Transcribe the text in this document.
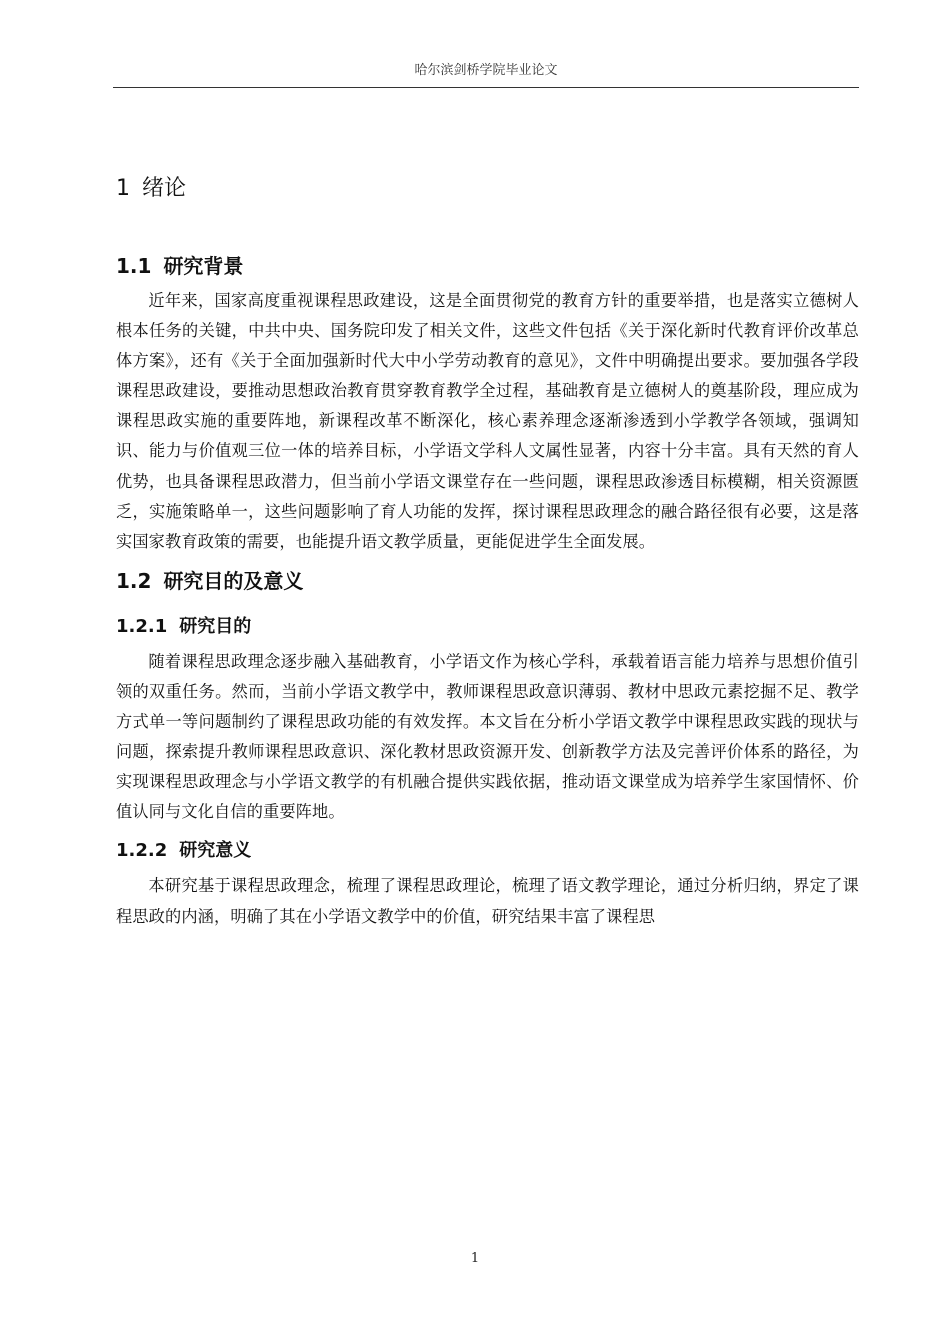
哈尔滨剑桥学院毕业论文
1 绪论
1.1 研究背景

近年来，国家高度重视课程思政建设，这是全面贯彻党的教育方针的重要举措，也是落实立德树人根本任务的关键，中共中央、国务院印发了相关文件，这些文件包括《关于深化新时代教育评价改革总体方案》，还有《关于全面加强新时代大中小学劳动教育的意见》，文件中明确提出要求。要加强各学段课程思政建设，要推动思想政治教育贯穿教育教学全过程，基础教育是立德树人的奠基阶段，理应成为课程思政实施的重要阵地，新课程改革不断深化，核心素养理念逐渐渗透到小学教学各领域，强调知识、能力与价值观三位一体的培养目标，小学语文学科人文属性显著，内容十分丰富。具有天然的育人优势，也具备课程思政潜力，但当前小学语文课堂存在一些问题，课程思政渗透目标模糊，相关资源匮乏，实施策略单一，这些问题影响了育人功能的发挥，探讨课程思政理念的融合路径很有必要，这是落实国家教育政策的需要，也能提升语文教学质量，更能促进学生全面发展。

1.2 研究目的及意义
1.2.1 研究目的

随着课程思政理念逐步融入基础教育，小学语文作为核心学科，承载着语言能力培养与思想价值引领的双重任务。然而，当前小学语文教学中，教师课程思政意识薄弱、教材中思政元素挖掘不足、教学方式单一等问题制约了课程思政功能的有效发挥。本文旨在分析小学语文教学中课程思政实践的现状与问题，探索提升教师课程思政意识、深化教材思政资源开发、创新教学方法及完善评价体系的路径，为实现课程思政理念与小学语文教学的有机融合提供实践依据，推动语文课堂成为培养学生家国情怀、价值认同与文化自信的重要阵地。

1.2.2 研究意义

本研究基于课程思政理念，梳理了课程思政理论，梳理了语文教学理论，通过分析归纳，界定了课程思政的内涵，明确了其在小学语文教学中的价值，研究结果丰富了课程思

1
